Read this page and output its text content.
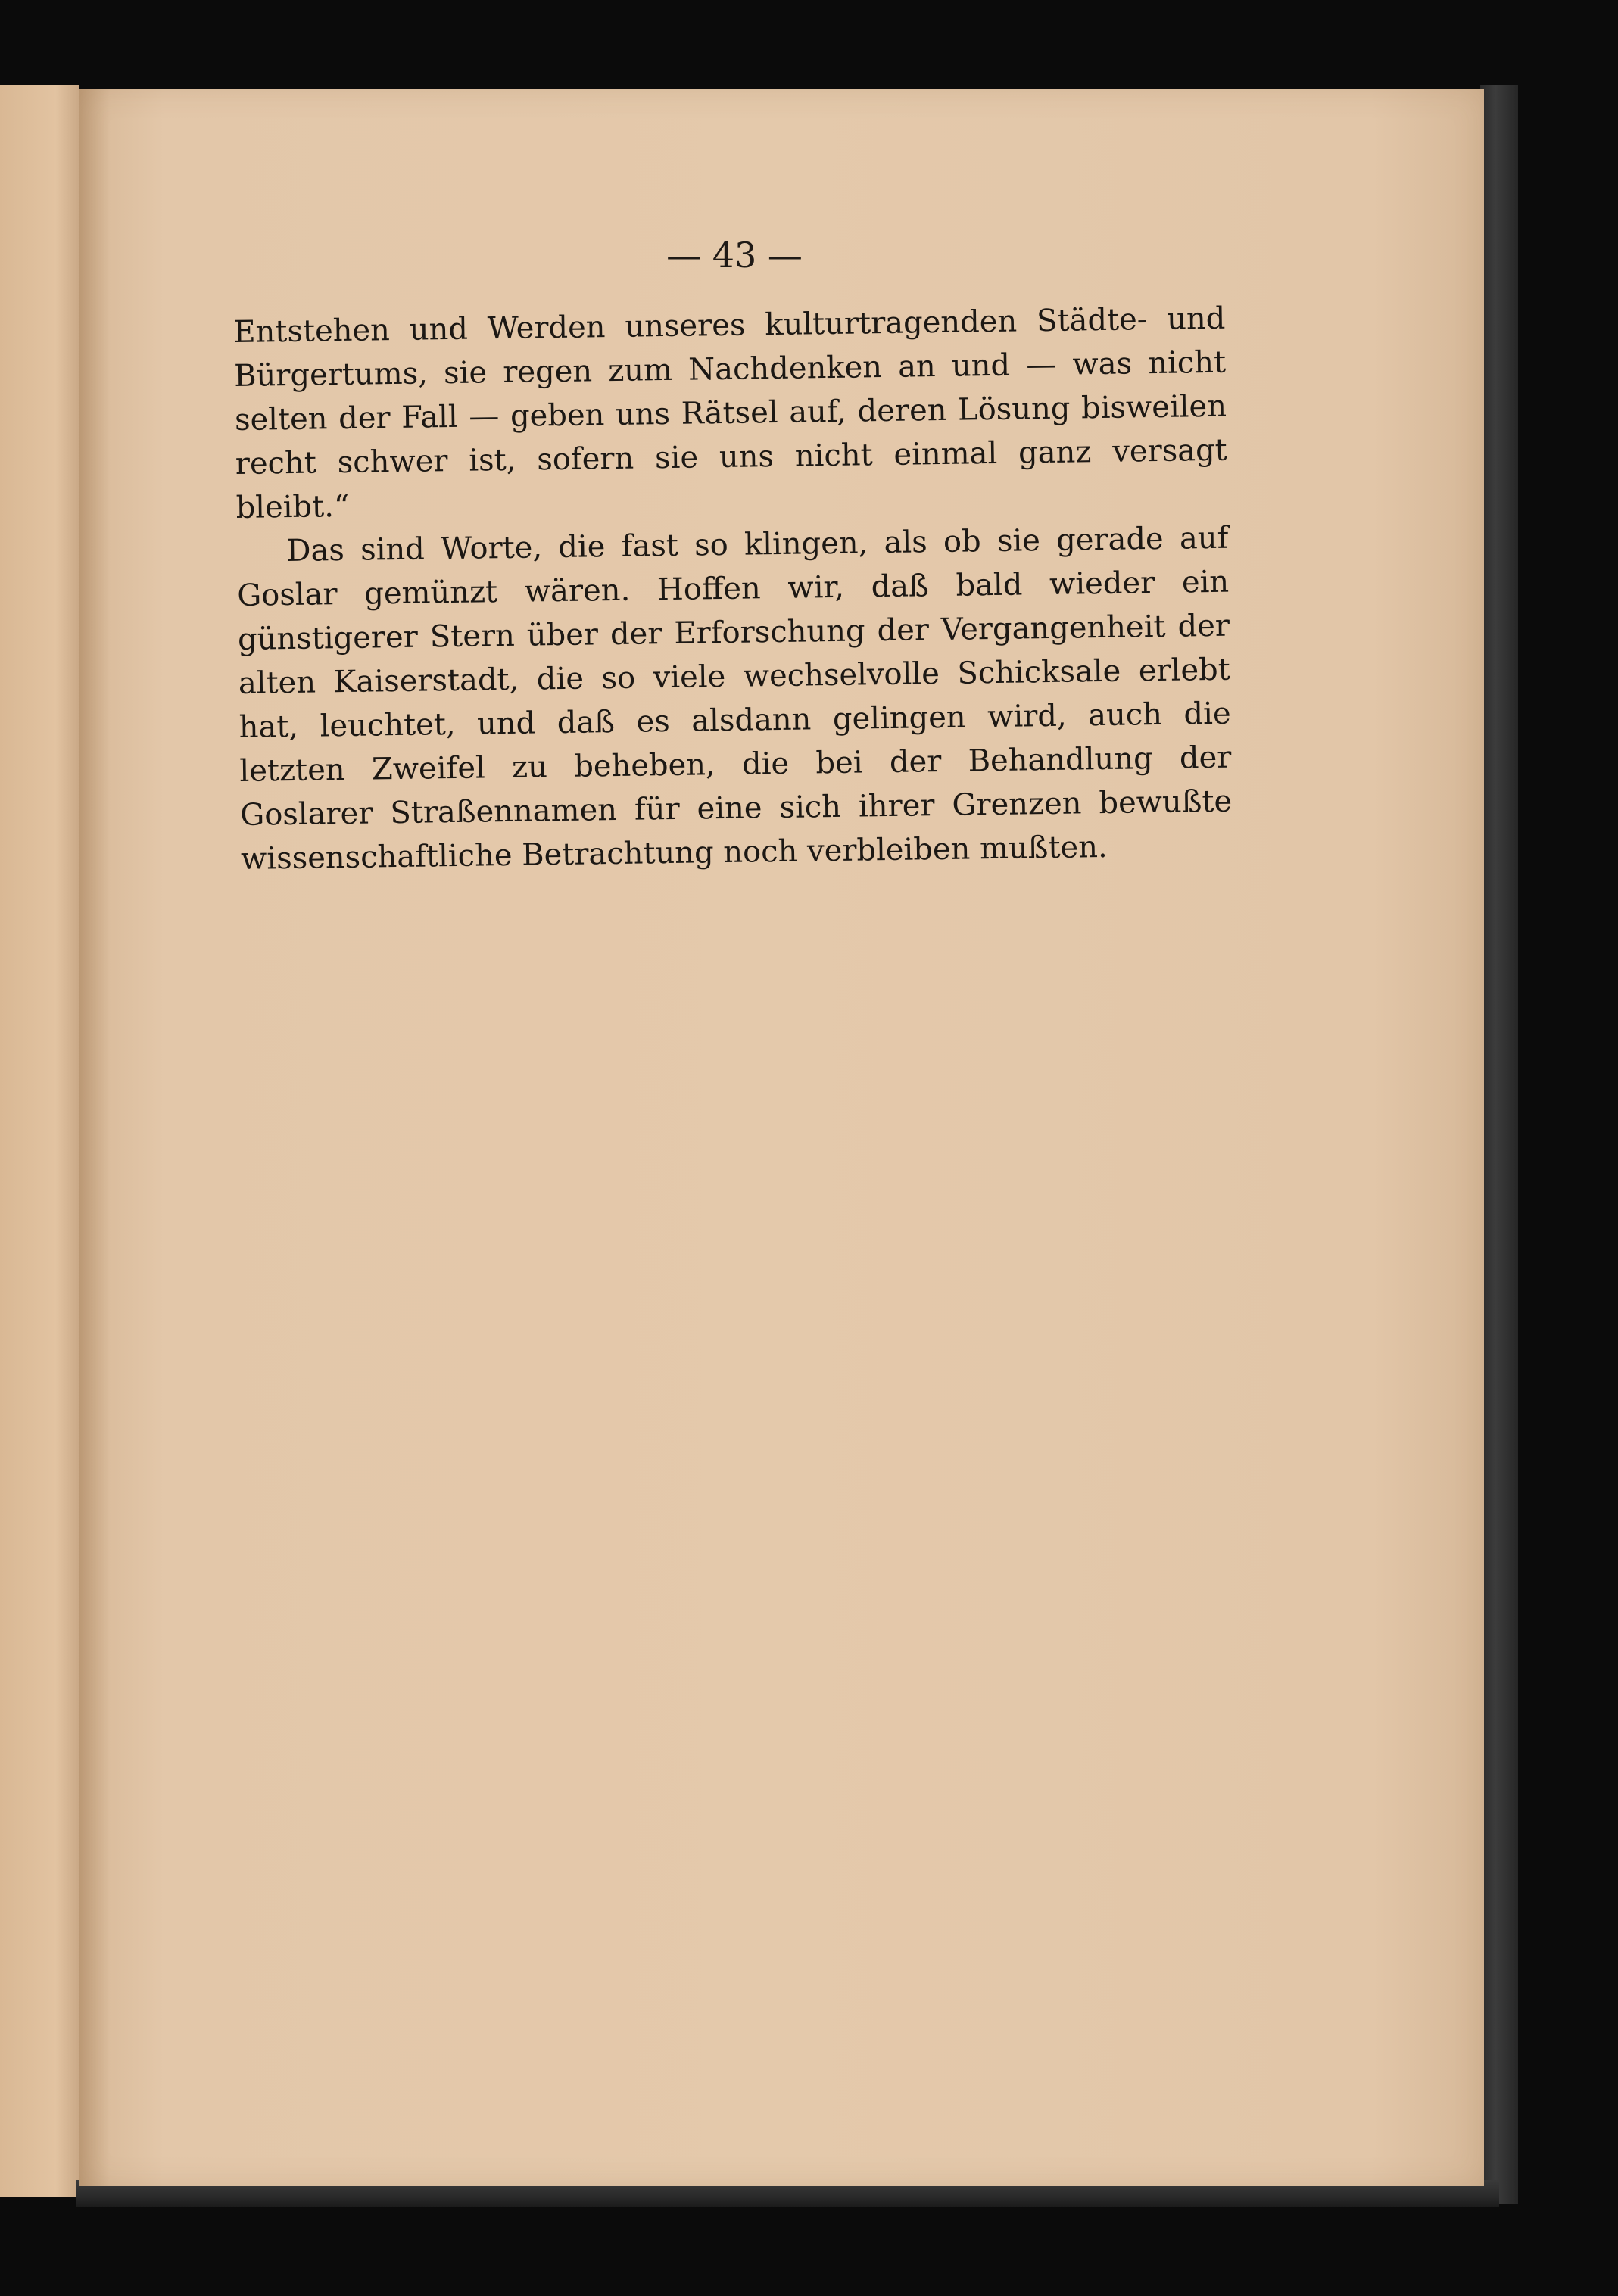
— 43 —

Entstehen und Werden unseres kulturtragenden Städte- und Bürgertums, sie regen zum Nachdenken an und — was nicht selten der Fall — geben uns Rätsel auf, deren Lösung bisweilen recht schwer ist, sofern sie uns nicht einmal ganz versagt bleibt.“

Das sind Worte, die fast so klingen, als ob sie gerade auf Goslar gemünzt wären. Hoffen wir, daß bald wieder ein günstigerer Stern über der Erforschung der Vergangenheit der alten Kaiserstadt, die so viele wechselvolle Schicksale erlebt hat, leuchtet, und daß es alsdann gelingen wird, auch die letzten Zweifel zu beheben, die bei der Behandlung der Goslarer Straßennamen für eine sich ihrer Grenzen bewußte wissenschaftliche Betrachtung noch verbleiben mußten.
